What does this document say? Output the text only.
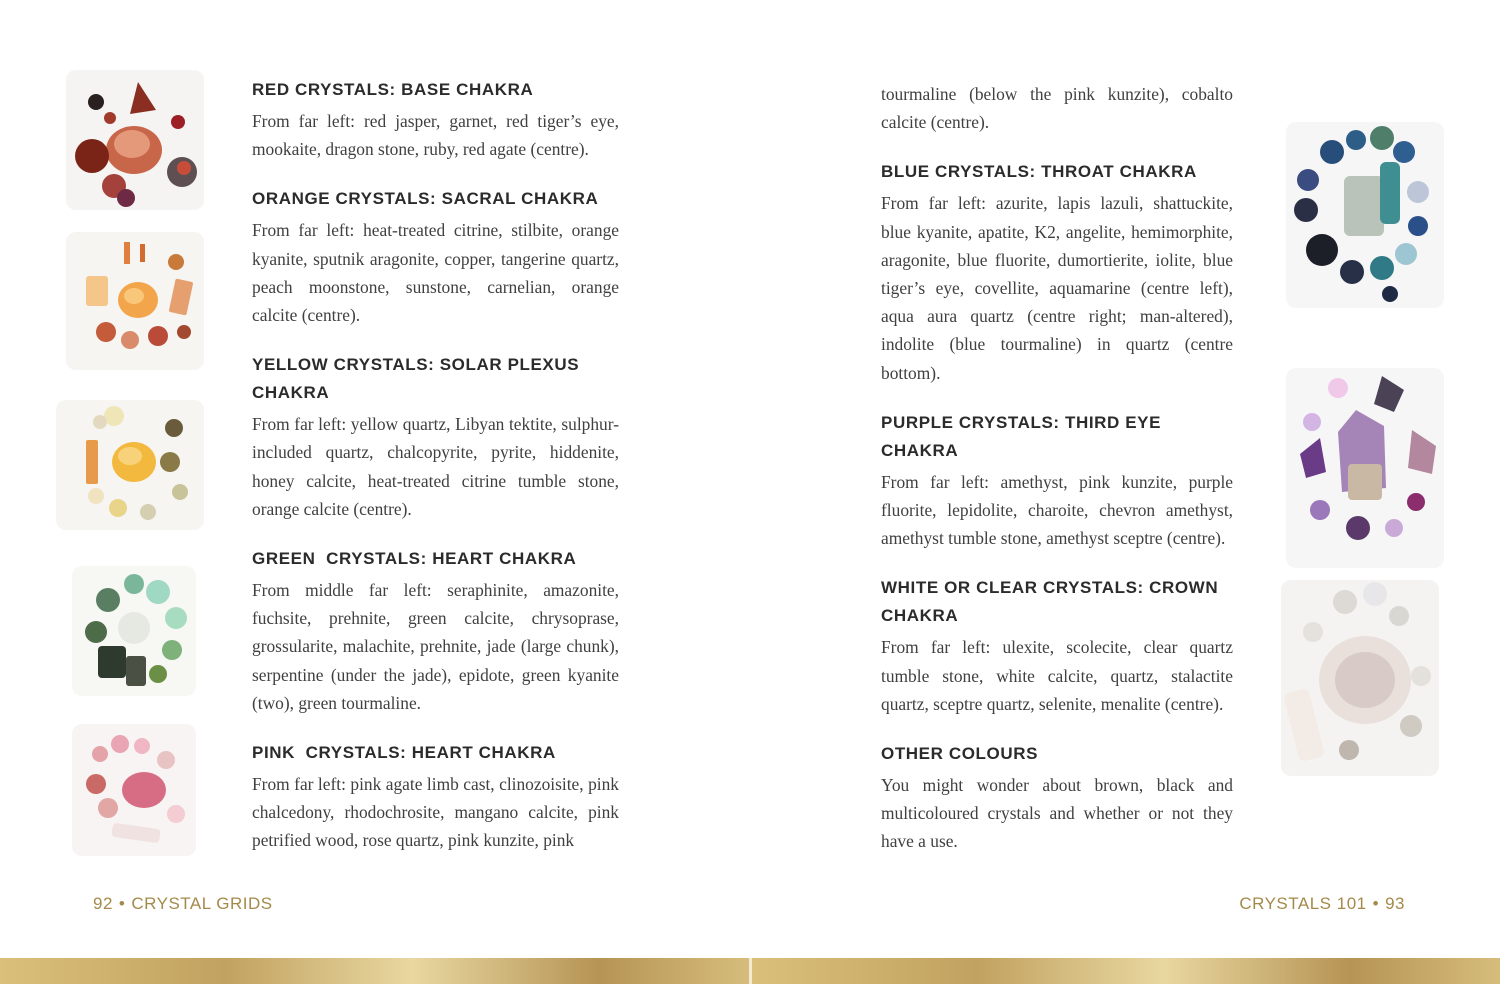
RED CRYSTALS: BASE CHAKRA

From far left: red jasper, garnet, red tiger’s eye, mookaite, dragon stone, ruby, red agate (centre).

ORANGE CRYSTALS: SACRAL CHAKRA

From far left: heat-treated citrine, stilbite, orange kyanite, sputnik aragonite, copper, tangerine quartz, peach moonstone, sunstone, carnelian, orange calcite (centre).

YELLOW CRYSTALS: SOLAR PLEXUS CHAKRA

From far left: yellow quartz, Libyan tektite, sulphur-included quartz, chalcopyrite, pyrite, hiddenite, honey calcite, heat-treated citrine tumble stone, orange calcite (centre).

GREEN  CRYSTALS: HEART CHAKRA

From middle far left: seraphinite, amazonite, fuchsite, prehnite, green calcite, chrysoprase, grossularite, malachite, prehnite, jade (large chunk), serpentine (under the jade), epidote, green kyanite (two), green tourmaline.

PINK  CRYSTALS: HEART CHAKRA

From far left: pink agate limb cast, clinozoisite, pink chalcedony, rhodochrosite, mangano calcite, pink petrified wood, rose quartz, pink kunzite, pink

92 • CRYSTAL GRIDS

tourmaline (below the pink kunzite), cobalto calcite (centre).

BLUE CRYSTALS: THROAT CHAKRA

From far left: azurite, lapis lazuli, shattuckite, blue kyanite, apatite, K2, angelite, hemimorphite, aragonite, blue fluorite, dumortierite, iolite, blue tiger’s eye, covellite, aquamarine (centre left), aqua aura quartz (centre right; man-altered), indolite (blue tourmaline) in quartz (centre bottom).

PURPLE CRYSTALS: THIRD EYE CHAKRA

From far left: amethyst, pink kunzite, purple fluorite, lepidolite, charoite, chevron amethyst, amethyst tumble stone, amethyst sceptre (centre).

WHITE OR CLEAR CRYSTALS: CROWN CHAKRA

From far left: ulexite, scolecite, clear quartz tumble stone, white calcite, quartz, stalactite quartz, sceptre quartz, selenite, menalite (centre).

OTHER COLOURS

You might wonder about brown, black and multicoloured crystals and whether or not they have a use.

CRYSTALS 101 • 93
